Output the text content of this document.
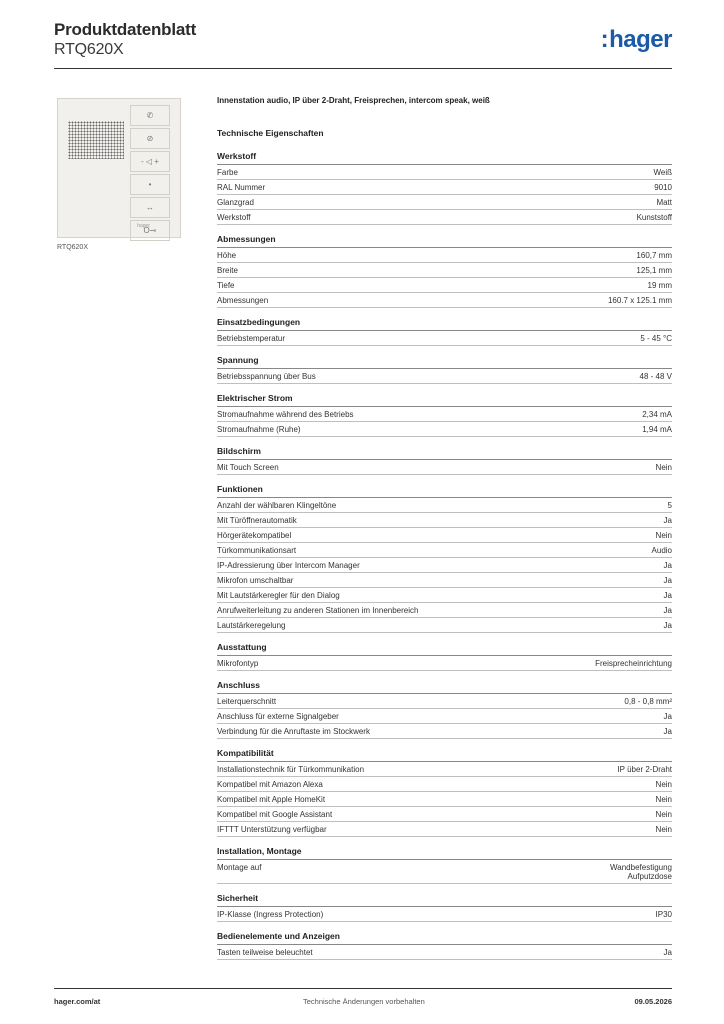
Produktdatenblatt
RTQ620X	:hager
✆
⊘
- ◁ +
•
↔
O⊸
hager
RTQ620X
Innenstation audio, IP über 2-Draht, Freisprechen, intercom speak, weiß
Technische Eigenschaften
Werkstoff
Farbe	Weiß
RAL Nummer	9010
Glanzgrad	Matt
Werkstoff	Kunststoff
Abmessungen
Höhe	160,7 mm
Breite	125,1 mm
Tiefe	19 mm
Abmessungen	160.7 x 125.1 mm
Einsatzbedingungen
Betriebstemperatur	5 - 45 °C
Spannung
Betriebsspannung über Bus	48 - 48 V
Elektrischer Strom
Stromaufnahme während des Betriebs	2,34 mA
Stromaufnahme (Ruhe)	1,94 mA
Bildschirm
Mit Touch Screen	Nein
Funktionen
Anzahl der wählbaren Klingeltöne	5
Mit Türöffnerautomatik	Ja
Hörgerätekompatibel	Nein
Türkommunikationsart	Audio
IP-Adressierung über Intercom Manager	Ja
Mikrofon umschaltbar	Ja
Mit Lautstärkeregler für den Dialog	Ja
Anrufweiterleitung zu anderen Stationen im Innenbereich	Ja
Lautstärkeregelung	Ja
Ausstattung
Mikrofontyp	Freisprecheinrichtung
Anschluss
Leiterquerschnitt	0,8 - 0,8 mm²
Anschluss für externe Signalgeber	Ja
Verbindung für die Anruftaste im Stockwerk	Ja
Kompatibilität
Installationstechnik für Türkommunikation	IP über 2-Draht
Kompatibel mit Amazon Alexa	Nein
Kompatibel mit Apple HomeKit	Nein
Kompatibel mit Google Assistant	Nein
IFTTT Unterstützung verfügbar	Nein
Installation, Montage
Montage auf	Wandbefestigung
Aufputzdose
Sicherheit
IP-Klasse (Ingress Protection)	IP30
Bedienelemente und Anzeigen
Tasten teilweise beleuchtet	Ja
hager.com/at	Technische Änderungen vorbehalten	09.05.2026
